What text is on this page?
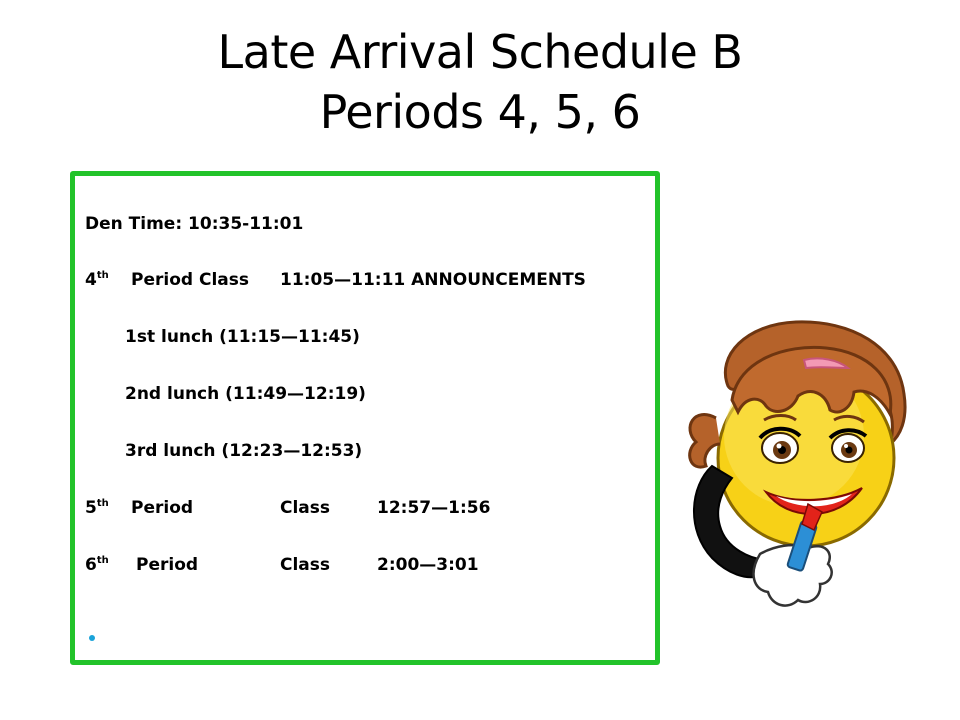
Late Arrival Schedule B
Periods 4, 5, 6
Den Time: 10:35-11:01
4th Period Class 11:05—11:11 ANNOUNCEMENTS
1st lunch (11:15—11:45)
2nd lunch (11:49—12:19)
3rd lunch (12:23—12:53)
5th Period	Class	12:57—1:56
6th Period	Class	2:00—3:01
